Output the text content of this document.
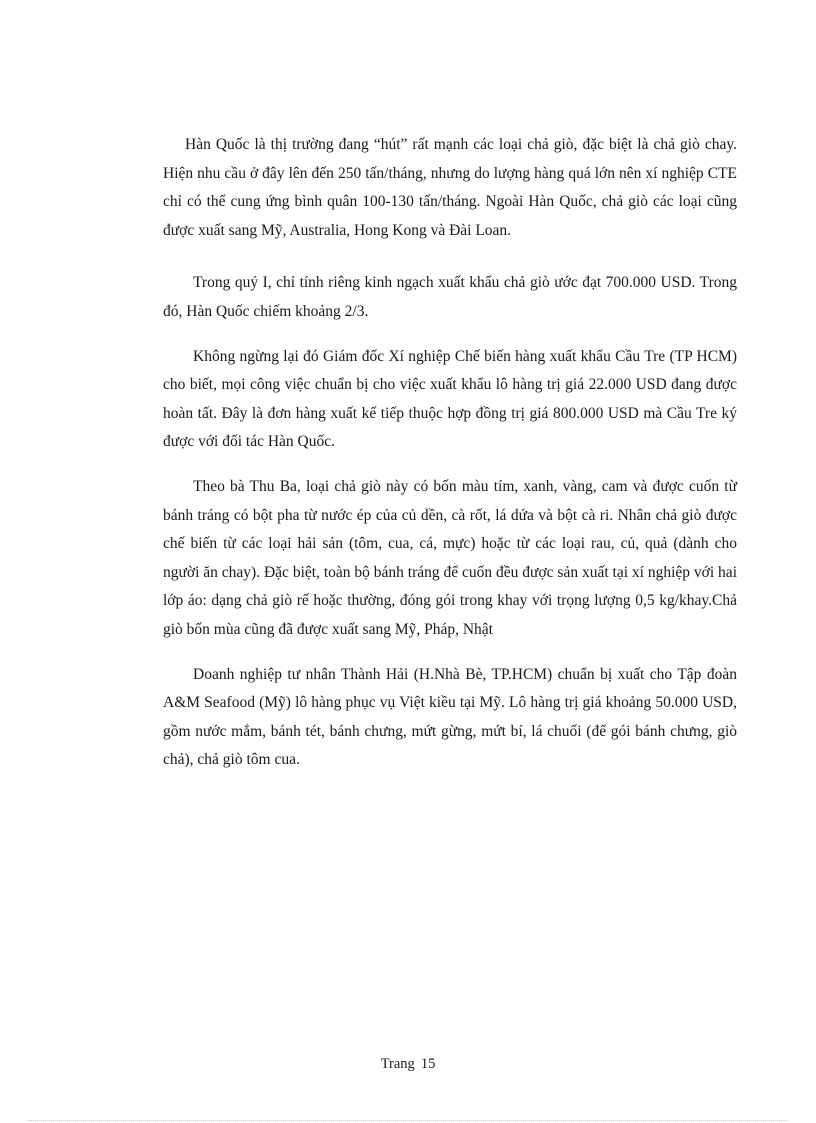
Hàn Quốc là thị trường đang “hút” rất mạnh các loại chả giò, đặc biệt là chả giò chay. Hiện nhu cầu ở đây lên đến 250 tấn/tháng, nhưng do lượng hàng quá lớn nên xí nghiệp CTE chỉ có thể cung ứng bình quân 100-130 tấn/tháng. Ngoài Hàn Quốc, chả giò các loại cũng được xuất sang Mỹ, Australia, Hong Kong và Đài Loan.

Trong quý I, chỉ tính riêng kinh ngạch xuất khẩu chả giò ước đạt 700.000 USD. Trong đó, Hàn Quốc chiếm khoảng 2/3.

Không ngừng lại đó Giám đốc Xí nghiệp Chế biến hàng xuất khẩu Cầu Tre (TP HCM) cho biết, mọi công việc chuẩn bị cho việc xuất khẩu lô hàng trị giá 22.000 USD đang được hoàn tất. Đây là đơn hàng xuất kế tiếp thuộc hợp đồng trị giá 800.000 USD mà Cầu Tre ký được với đối tác Hàn Quốc.

Theo bà Thu Ba, loại chả giò này có bốn màu tím, xanh, vàng, cam và được cuốn từ bánh tráng có bột pha từ nước ép của củ dền, cà rốt, lá dứa và bột cà ri. Nhân chả giò được chế biến từ các loại hải sản (tôm, cua, cá, mực) hoặc từ các loại rau, củ, quả (dành cho người ăn chay). Đặc biệt, toàn bộ bánh tráng để cuốn đều được sản xuất tại xí nghiệp với hai lớp áo: dạng chả giò rế hoặc thường, đóng gói trong khay với trọng lượng 0,5 kg/khay.Chả giò bốn mùa cũng đã được xuất sang Mỹ, Pháp, Nhật

Doanh nghiệp tư nhân Thành Hải (H.Nhà Bè, TP.HCM) chuẩn bị xuất cho Tập đoàn A&M Seafood (Mỹ) lô hàng phục vụ Việt kiều tại Mỹ. Lô hàng trị giá khoảng 50.000 USD, gồm nước mắm, bánh tét, bánh chưng, mứt gừng, mứt bí, lá chuối (để gói bánh chưng, giò chả), chả giò tôm cua.

Trang 15
